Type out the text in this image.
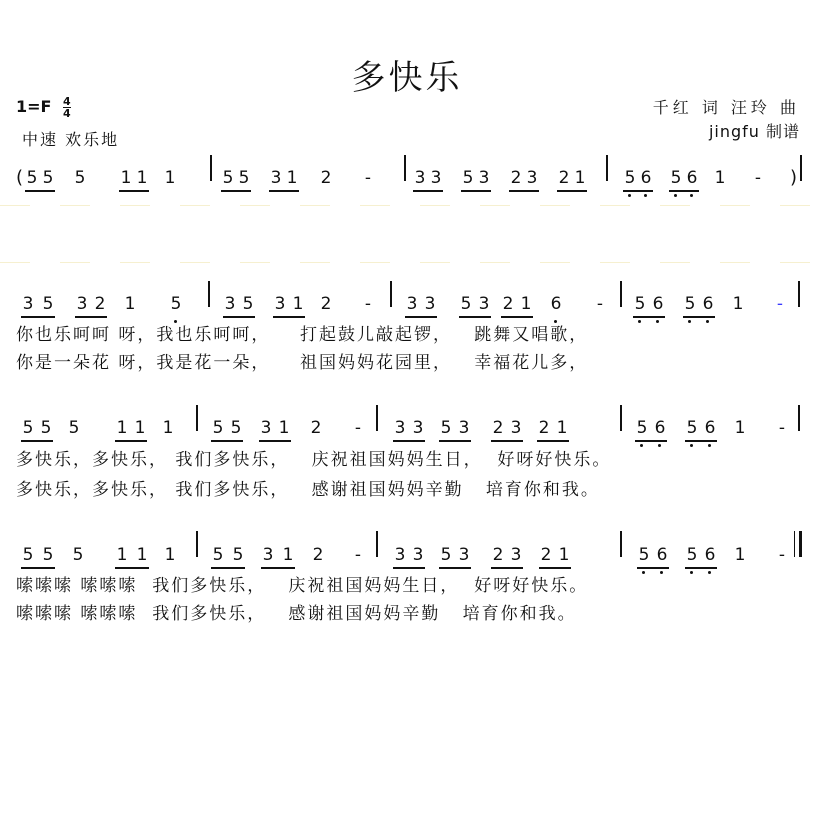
多快乐
$1=F \frac{4}{4}$
中速 欢乐地
千红 词 汪玲 曲
jingfu 制谱
( 5 5 5 1 1 1	5 5 3 1 2 -	3 3 5 3 2 3 2 1 5 6 5 6 1 - )
3 5 3 2 1 5	3 5 3 1 2 - 3 3 5 3 2 1 6 - 5 6 5 6 1 -
你也乐呵呵 呀，我也乐呵呵，    打起鼓儿敲起锣，   跳舞又唱歌，
你是一朵花 呀，我是花一朵，    祖国妈妈花园里，   幸福花儿多，
5 5 5 1 1 1 5 5 3 1 2 - 3 3 5 3 2 3 2 1	5 6 5 6 1 -
多快乐，多快乐， 我们多快乐，   庆祝祖国妈妈生日，  好呀好快乐。
多快乐，多快乐， 我们多快乐，   感谢祖国妈妈辛勤   培育你和我。
5 5 5 1 1 1 5 5 3 1 2 - 3 3 5 3 2 3 2 1	5 6 5 6 1 -
嗦嗦嗦 嗦嗦嗦  我们多快乐，   庆祝祖国妈妈生日，  好呀好快乐。
嗦嗦嗦 嗦嗦嗦  我们多快乐，   感谢祖国妈妈辛勤   培育你和我。
